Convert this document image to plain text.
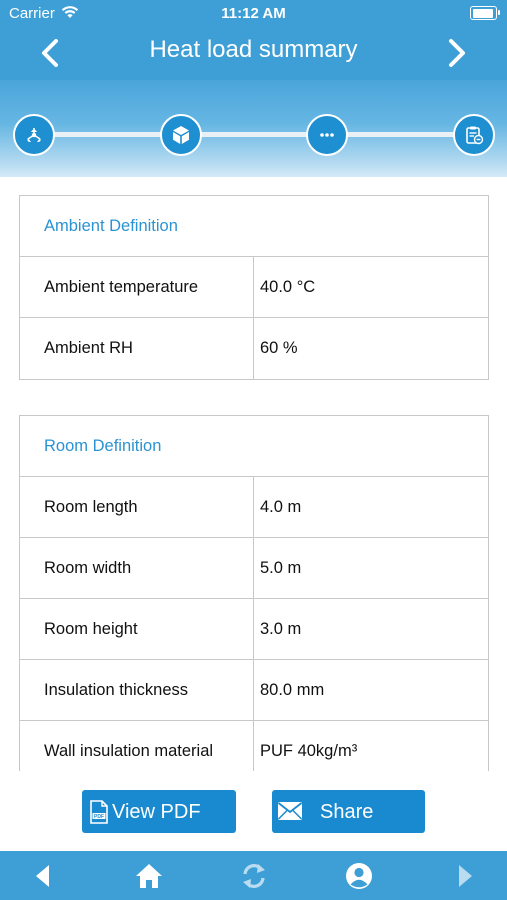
Carrier	11:12 AM
Heat load summary
Ambient Definition
Ambient temperature	40.0 °C
Ambient RH	60 %
Room Definition
Room length	4.0 m
Room width	5.0 m
Room height	3.0 m
Insulation thickness	80.0 mm
Wall insulation material	PUF 40kg/m³
PDF View PDF	Share
